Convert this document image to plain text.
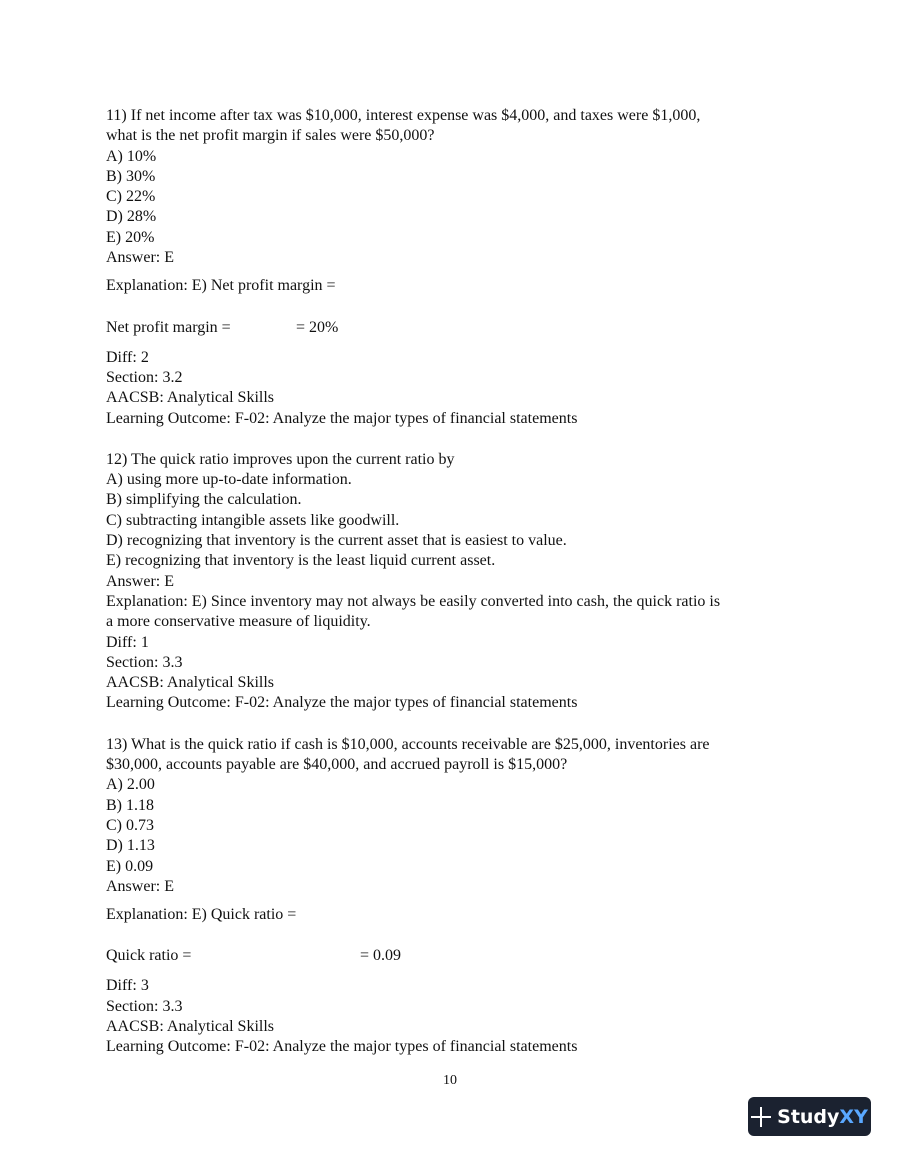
11) If net income after tax was $10,000, interest expense was $4,000, and taxes were $1,000,
what is the net profit margin if sales were $50,000?
A) 10%
B) 30%
C) 22%
D) 28%
E) 20%
Answer: E
Explanation: E) Net profit margin =
Net profit margin =	= 20%
Diff: 2
Section: 3.2
AACSB: Analytical Skills
Learning Outcome: F-02: Analyze the major types of financial statements
12) The quick ratio improves upon the current ratio by
A) using more up-to-date information.
B) simplifying the calculation.
C) subtracting intangible assets like goodwill.
D) recognizing that inventory is the current asset that is easiest to value.
E) recognizing that inventory is the least liquid current asset.
Answer: E
Explanation: E) Since inventory may not always be easily converted into cash, the quick ratio is
a more conservative measure of liquidity.
Diff: 1
Section: 3.3
AACSB: Analytical Skills
Learning Outcome: F-02: Analyze the major types of financial statements
13) What is the quick ratio if cash is $10,000, accounts receivable are $25,000, inventories are
$30,000, accounts payable are $40,000, and accrued payroll is $15,000?
A) 2.00
B) 1.18
C) 0.73
D) 1.13
E) 0.09
Answer: E
Explanation: E) Quick ratio =
Quick ratio =	= 0.09
Diff: 3
Section: 3.3
AACSB: Analytical Skills
Learning Outcome: F-02: Analyze the major types of financial statements
10
StudyXY
